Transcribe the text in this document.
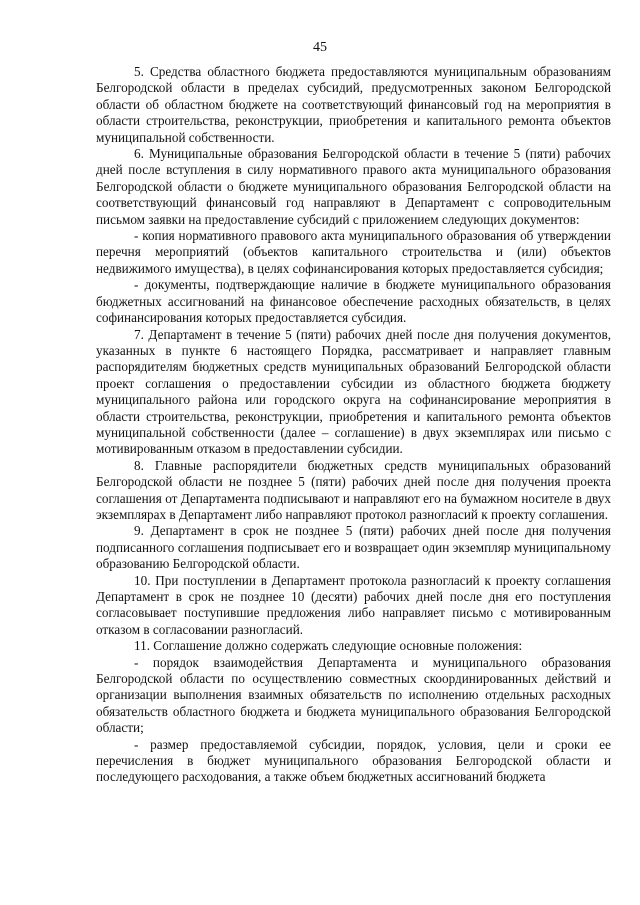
45

5. Средства областного бюджета предоставляются муниципальным образованиям Белгородской области в пределах субсидий, предусмотренных законом Белгородской области об областном бюджете на соответствующий финансовый год на мероприятия в области строительства, реконструкции, приобретения и капитального ремонта объектов муниципальной собственности.

6. Муниципальные образования Белгородской области в течение 5 (пяти) рабочих дней после вступления в силу нормативного правого акта муниципального образования Белгородской области о бюджете муниципального образования Белгородской области на соответствующий финансовый год направляют в Департамент с сопроводительным письмом заявки на предоставление субсидий с приложением следующих документов:

- копия нормативного правового акта муниципального образования об утверждении перечня мероприятий (объектов капитального строительства и (или) объектов недвижимого имущества), в целях софинансирования которых предоставляется субсидия;

- документы, подтверждающие наличие в бюджете муниципального образования бюджетных ассигнований на финансовое обеспечение расходных обязательств, в целях софинансирования которых предоставляется субсидия.

7. Департамент в течение 5 (пяти) рабочих дней после дня получения документов, указанных в пункте 6 настоящего Порядка, рассматривает и направляет главным распорядителям бюджетных средств муниципальных образований Белгородской области проект соглашения о предоставлении субсидии из областного бюджета бюджету муниципального района или городского округа на софинансирование мероприятия в области строительства, реконструкции, приобретения и капитального ремонта объектов муниципальной собственности (далее – соглашение) в двух экземплярах или письмо с мотивированным отказом в предоставлении субсидии.

8. Главные распорядители бюджетных средств муниципальных образований Белгородской области не позднее 5 (пяти) рабочих дней после дня получения проекта соглашения от Департамента подписывают и направляют его на бумажном носителе в двух экземплярах в Департамент либо направляют протокол разногласий к проекту соглашения.

9. Департамент в срок не позднее 5 (пяти) рабочих дней после дня получения подписанного соглашения подписывает его и возвращает один экземпляр муниципальному образованию Белгородской области.

10. При поступлении в Департамент протокола разногласий к проекту соглашения Департамент в срок не позднее 10 (десяти) рабочих дней после дня его поступления согласовывает поступившие предложения либо направляет письмо с мотивированным отказом в согласовании разногласий.

11. Соглашение должно содержать следующие основные положения:

- порядок взаимодействия Департамента и муниципального образования Белгородской области по осуществлению совместных скоординированных действий и организации выполнения взаимных обязательств по исполнению отдельных расходных обязательств областного бюджета и бюджета муниципального образования Белгородской области;

- размер предоставляемой субсидии, порядок, условия, цели и сроки ее перечисления в бюджет муниципального образования Белгородской области и последующего расходования, а также объем бюджетных ассигнований бюджета
